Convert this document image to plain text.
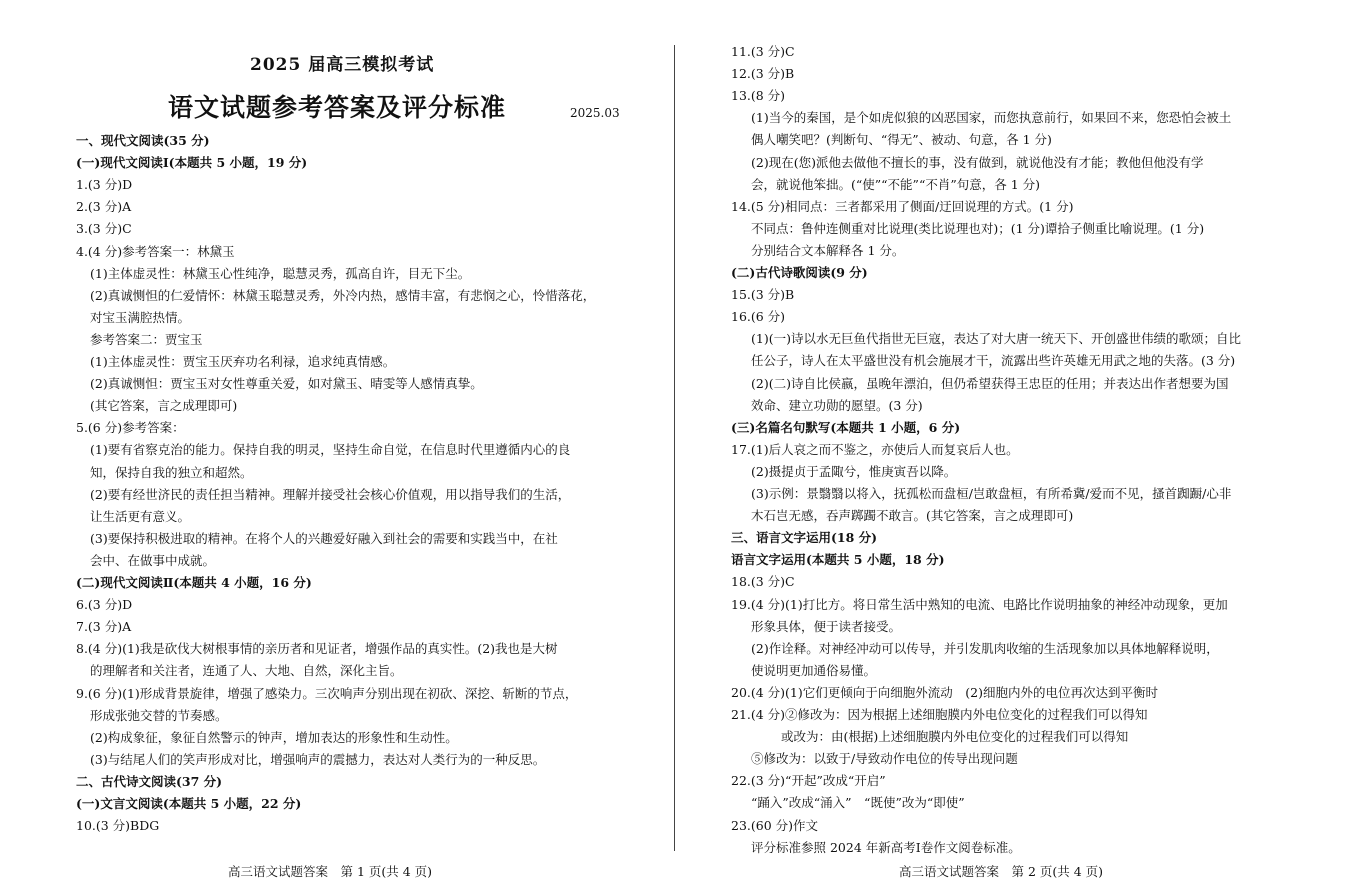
2025 届高三模拟考试
语文试题参考答案及评分标准	2025.03
一、现代文阅读(35 分)
(一)现代文阅读Ⅰ(本题共 5 小题，19 分)
1.(3 分)D
2.(3 分)A
3.(3 分)C
4.(4 分)参考答案一：林黛玉
(1)主体虚灵性：林黛玉心性纯净，聪慧灵秀，孤高自许，目无下尘。
(2)真诚恻怛的仁爱情怀：林黛玉聪慧灵秀，外冷内热，感情丰富，有悲悯之心，怜惜落花，
对宝玉满腔热情。
参考答案二：贾宝玉
(1)主体虚灵性：贾宝玉厌弃功名利禄，追求纯真情感。
(2)真诚恻怛：贾宝玉对女性尊重关爱，如对黛玉、晴雯等人感情真挚。
(其它答案，言之成理即可)
5.(6 分)参考答案：
(1)要有省察克治的能力。保持自我的明灵，坚持生命自觉，在信息时代里遵循内心的良
知，保持自我的独立和超然。
(2)要有经世济民的责任担当精神。理解并接受社会核心价值观，用以指导我们的生活，
让生活更有意义。
(3)要保持积极进取的精神。在将个人的兴趣爱好融入到社会的需要和实践当中，在社
会中、在做事中成就。
(二)现代文阅读Ⅱ(本题共 4 小题，16 分)
6.(3 分)D
7.(3 分)A
8.(4 分)(1)我是砍伐大树根事情的亲历者和见证者，增强作品的真实性。(2)我也是大树
的理解者和关注者，连通了人、大地、自然，深化主旨。
9.(6 分)(1)形成背景旋律，增强了感染力。三次响声分别出现在初砍、深挖、斩断的节点，
形成张弛交替的节奏感。
(2)构成象征，象征自然警示的钟声，增加表达的形象性和生动性。
(3)与结尾人们的笑声形成对比，增强响声的震撼力，表达对人类行为的一种反思。
二、古代诗文阅读(37 分)
(一)文言文阅读(本题共 5 小题，22 分)
10.(3 分)BDG
高三语文试题答案　第 1 页(共 4 页)
11.(3 分)C
12.(3 分)B
13.(8 分)
(1)当今的秦国，是个如虎似狼的凶恶国家，而您执意前行，如果回不来，您恐怕会被土
偶人嘲笑吧？(判断句、“得无”、被动、句意，各 1 分)
(2)现在(您)派他去做他不擅长的事，没有做到，就说他没有才能；教他但他没有学
会，就说他笨拙。(“使”“不能”“不肖”句意，各 1 分)
14.(5 分)相同点：三者都采用了侧面/迂回说理的方式。(1 分)
不同点：鲁仲连侧重对比说理(类比说理也对)；(1 分)谭拾子侧重比喻说理。(1 分)
分别结合文本解释各 1 分。
(二)古代诗歌阅读(9 分)
15.(3 分)B
16.(6 分)
(1)(一)诗以水无巨鱼代指世无巨寇，表达了对大唐一统天下、开创盛世伟绩的歌颂；自比
任公子，诗人在太平盛世没有机会施展才干，流露出些许英雄无用武之地的失落。(3 分)
(2)(二)诗自比侯嬴，虽晚年漂泊，但仍希望获得王忠臣的任用；并表达出作者想要为国
效命、建立功勋的愿望。(3 分)
(三)名篇名句默写(本题共 1 小题，6 分)
17.(1)后人哀之而不鉴之，亦使后人而复哀后人也。
(2)摄提贞于孟陬兮，惟庚寅吾以降。
(3)示例：景翳翳以将入，抚孤松而盘桓/岂敢盘桓，有所希冀/爱而不见，搔首踟蹰/心非
木石岂无感，吞声踯躅不敢言。(其它答案，言之成理即可)
三、语言文字运用(18 分)
语言文字运用(本题共 5 小题，18 分)
18.(3 分)C
19.(4 分)(1)打比方。将日常生活中熟知的电流、电路比作说明抽象的神经冲动现象，更加
形象具体，便于读者接受。
(2)作诠释。对神经冲动可以传导，并引发肌肉收缩的生活现象加以具体地解释说明，
使说明更加通俗易懂。
20.(4 分)(1)它们更倾向于向细胞外流动　(2)细胞内外的电位再次达到平衡时
21.(4 分)②修改为：因为根据上述细胞膜内外电位变化的过程我们可以得知
或改为：由(根据)上述细胞膜内外电位变化的过程我们可以得知
⑤修改为：以致于/导致动作电位的传导出现问题
22.(3 分)“开起”改成“开启”
“踊入”改成“涌入”　“既使”改为“即使”
23.(60 分)作文
评分标准参照 2024 年新高考Ⅰ卷作文阅卷标准。
高三语文试题答案　第 2 页(共 4 页)
